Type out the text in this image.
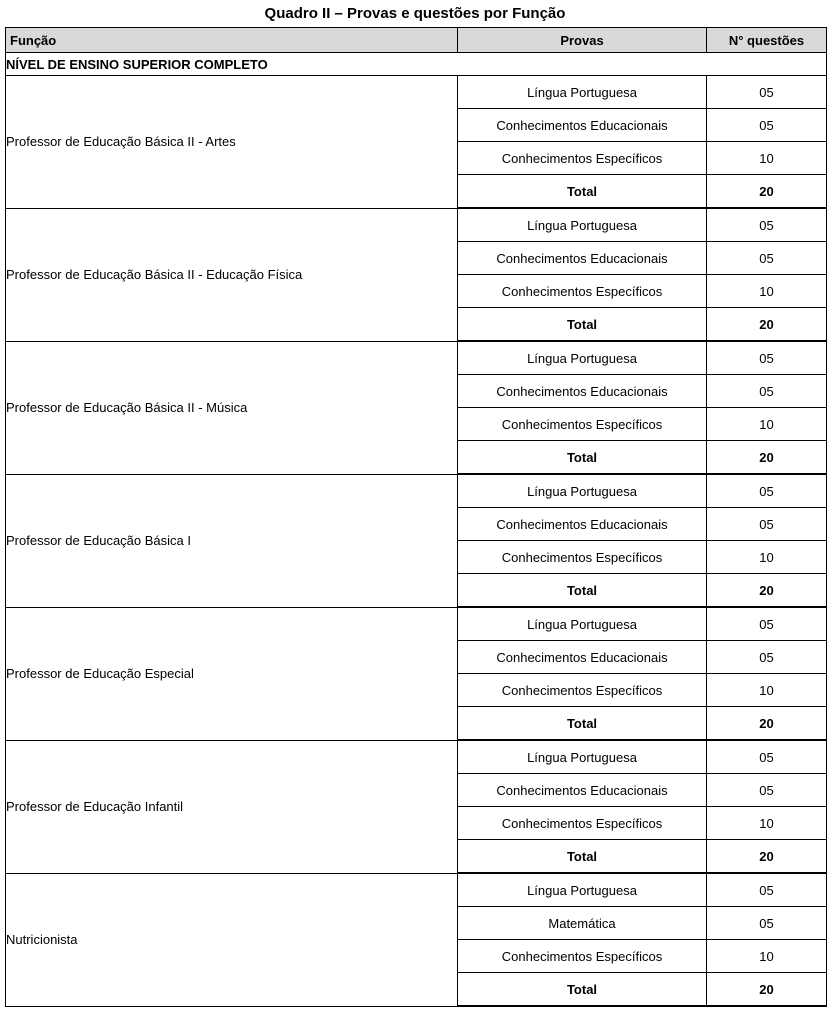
Quadro II – Provas e questões por Função
Função	Provas	N° questões
NÍVEL DE ENSINO SUPERIOR COMPLETO		
Professor de Educação Básica II - Artes	Língua Portuguesa	05
	Conhecimentos Educacionais	05
	Conhecimentos Específicos	10
	Total	20
Professor de Educação Básica II - Educação Física	Língua Portuguesa	05
	Conhecimentos Educacionais	05
	Conhecimentos Específicos	10
	Total	20
Professor de Educação Básica II - Música	Língua Portuguesa	05
	Conhecimentos Educacionais	05
	Conhecimentos Específicos	10
	Total	20
Professor de Educação Básica I	Língua Portuguesa	05
	Conhecimentos Educacionais	05
	Conhecimentos Específicos	10
	Total	20
Professor de Educação Especial	Língua Portuguesa	05
	Conhecimentos Educacionais	05
	Conhecimentos Específicos	10
	Total	20
Professor de Educação Infantil	Língua Portuguesa	05
	Conhecimentos Educacionais	05
	Conhecimentos Específicos	10
	Total	20
Nutricionista	Língua Portuguesa	05
	Matemática	05
	Conhecimentos Específicos	10
	Total	20
